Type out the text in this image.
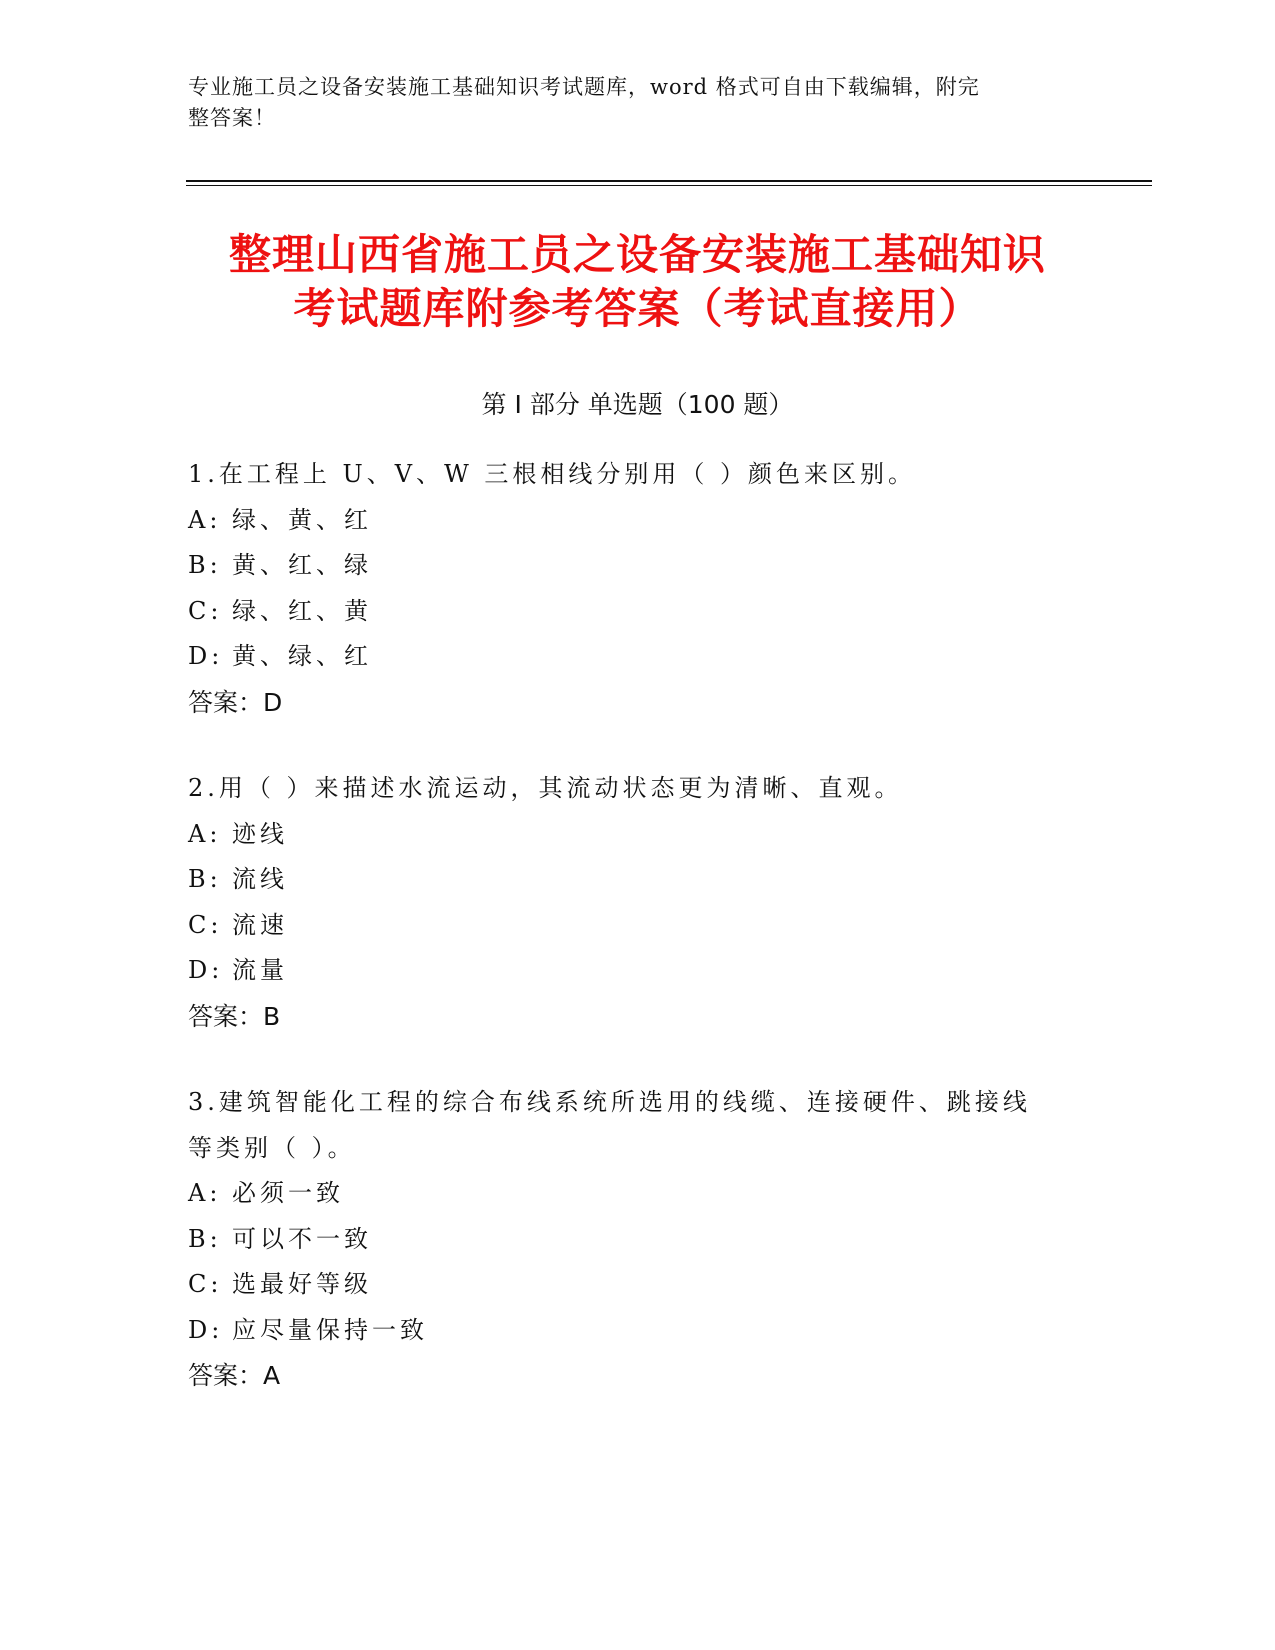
专业施工员之设备安装施工基础知识考试题库，word 格式可自由下载编辑，附完
整答案！
整理山西省施工员之设备安装施工基础知识
考试题库附参考答案（考试直接用）
第 I 部分 单选题（100 题）
1.在工程上 U、V、W 三根相线分别用（ ）颜色来区别。
A: 绿、黄、红
B: 黄、红、绿
C: 绿、红、黄
D: 黄、绿、红
答案：D
2.用（ ）来描述水流运动，其流动状态更为清晰、直观。
A: 迹线
B: 流线
C: 流速
D: 流量
答案：B
3.建筑智能化工程的综合布线系统所选用的线缆、连接硬件、跳接线
等类别（ ）。
A: 必须一致
B: 可以不一致
C: 选最好等级
D: 应尽量保持一致
答案：A
